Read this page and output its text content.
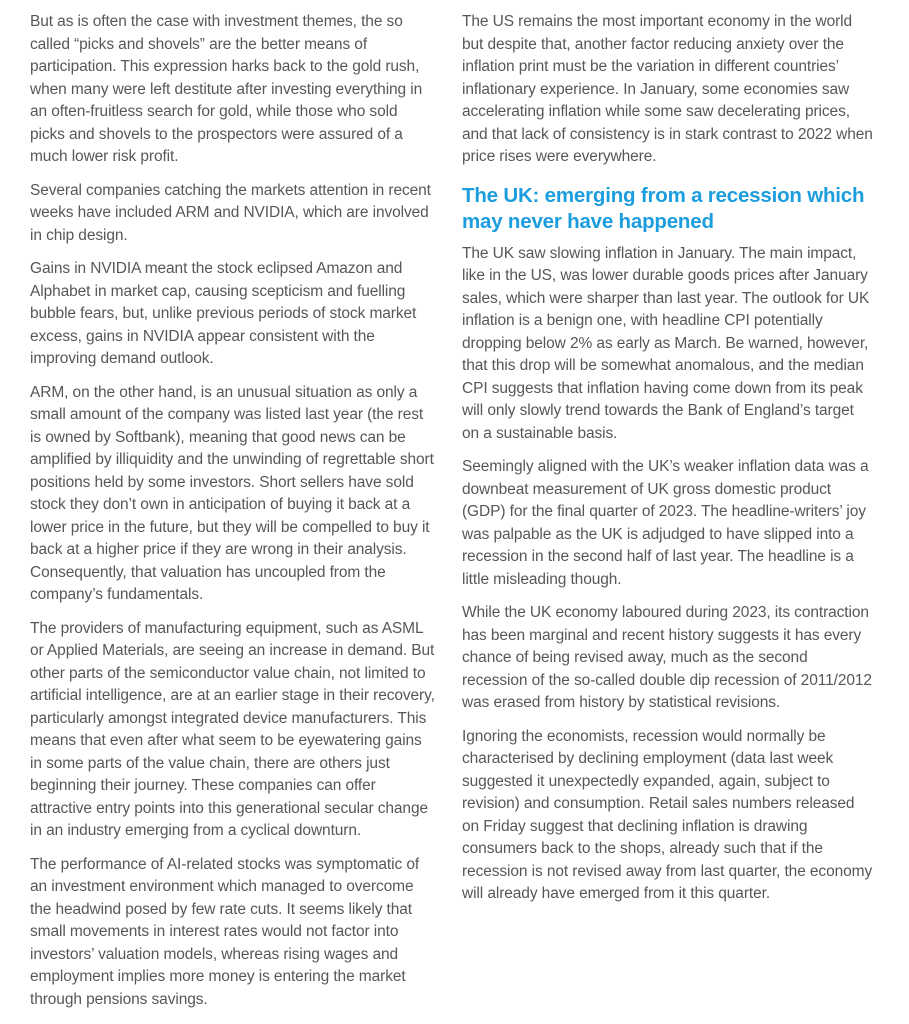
But as is often the case with investment themes, the so called “picks and shovels” are the better means of participation. This expression harks back to the gold rush, when many were left destitute after investing everything in an often-fruitless search for gold, while those who sold picks and shovels to the prospectors were assured of a much lower risk profit.

Several companies catching the markets attention in recent weeks have included ARM and NVIDIA, which are involved in chip design.

Gains in NVIDIA meant the stock eclipsed Amazon and Alphabet in market cap, causing scepticism and fuelling bubble fears, but, unlike previous periods of stock market excess, gains in NVIDIA appear consistent with the improving demand outlook.

ARM, on the other hand, is an unusual situation as only a small amount of the company was listed last year (the rest is owned by Softbank), meaning that good news can be amplified by illiquidity and the unwinding of regrettable short positions held by some investors. Short sellers have sold stock they don’t own in anticipation of buying it back at a lower price in the future, but they will be compelled to buy it back at a higher price if they are wrong in their analysis. Consequently, that valuation has uncoupled from the company’s fundamentals.

The providers of manufacturing equipment, such as ASML or Applied Materials, are seeing an increase in demand. But other parts of the semiconductor value chain, not limited to artificial intelligence, are at an earlier stage in their recovery, particularly amongst integrated device manufacturers. This means that even after what seem to be eyewatering gains in some parts of the value chain, there are others just beginning their journey. These companies can offer attractive entry points into this generational secular change in an industry emerging from a cyclical downturn.

The performance of AI-related stocks was symptomatic of an investment environment which managed to overcome the headwind posed by few rate cuts. It seems likely that small movements in interest rates would not factor into investors’ valuation models, whereas rising wages and employment implies more money is entering the market through pensions savings.

The US remains the most important economy in the world but despite that, another factor reducing anxiety over the inflation print must be the variation in different countries’ inflationary experience. In January, some economies saw accelerating inflation while some saw decelerating prices, and that lack of consistency is in stark contrast to 2022 when price rises were everywhere.

The UK: emerging from a recession which may never have happened

The UK saw slowing inflation in January. The main impact, like in the US, was lower durable goods prices after January sales, which were sharper than last year. The outlook for UK inflation is a benign one, with headline CPI potentially dropping below 2% as early as March. Be warned, however, that this drop will be somewhat anomalous, and the median CPI suggests that inflation having come down from its peak will only slowly trend towards the Bank of England’s target on a sustainable basis.

Seemingly aligned with the UK’s weaker inflation data was a downbeat measurement of UK gross domestic product (GDP) for the final quarter of 2023. The headline-writers’ joy was palpable as the UK is adjudged to have slipped into a recession in the second half of last year. The headline is a little misleading though.

While the UK economy laboured during 2023, its contraction has been marginal and recent history suggests it has every chance of being revised away, much as the second recession of the so-called double dip recession of 2011/2012 was erased from history by statistical revisions.

Ignoring the economists, recession would normally be characterised by declining employment (data last week suggested it unexpectedly expanded, again, subject to revision) and consumption. Retail sales numbers released on Friday suggest that declining inflation is drawing consumers back to the shops, already such that if the recession is not revised away from last quarter, the economy will already have emerged from it this quarter.
